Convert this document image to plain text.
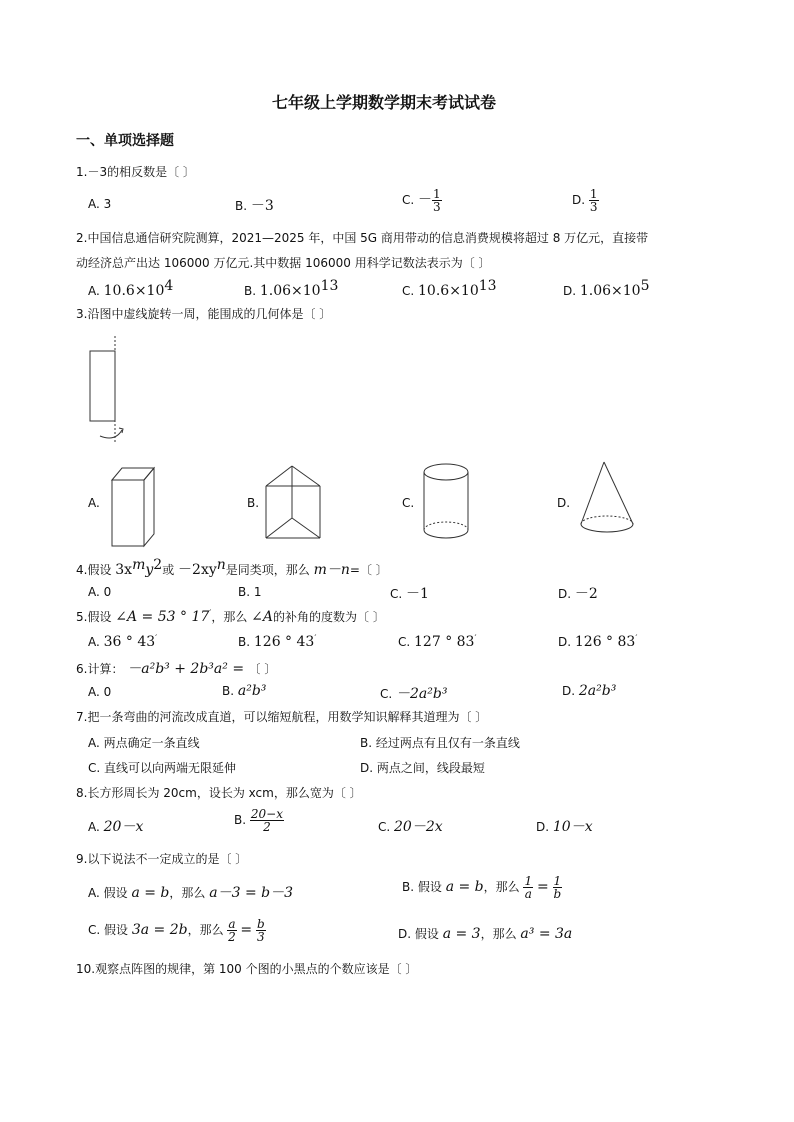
七年级上学期数学期末考试试卷
一、单项选择题
1.－3的相反数是〔 〕
A. 3	B. －3	C. － $\frac{1}{3}$	D. $\frac{1}{3}$
2.中国信息通信研究院测算，2021—2025 年，中国 5G 商用带动的信息消费规模将超过 8 万亿元，直接带
动经济总产出达 106000 万亿元.其中数据 106000 用科学记数法表示为〔 〕
A. $10.6\times 10^4$	B. $1.06\times 10^{13}$	C. $10.6\times 10^{13}$	D. $1.06\times 10^5$
3.沿图中虚线旋转一周，能围成的几何体是〔 〕
A.	B.	C.	D.
4.假设 $3x^my^2$或 $-2xy^n$是同类项，那么 m－n=〔 〕
A. 0	B. 1	C. －1	D. －2
5.假设 ∠A = 53 ° 17′，那么 ∠A的补角的度数为〔 〕
A. 36 ° 43′	B. 126 ° 43′	C. 127 ° 83′	D. 126 ° 83′
6.计算： －a²b³ + 2b³a² = 〔 〕
A. 0	B. a²b³	C. －2a²b³	D. 2a²b³
7.把一条弯曲的河流改成直道，可以缩短航程，用数学知识解释其道理为〔 〕
A. 两点确定一条直线	B. 经过两点有且仅有一条直线
C. 直线可以向两端无限延伸	D. 两点之间，线段最短
8.长方形周长为 20cm，设长为 xcm，那么宽为〔 〕
A. 20－x	B. $\frac{20-x}{2}$	C. 20－2x	D. 10－x
9.以下说法不一定成立的是〔 〕
A. 假设 a = b，那么 a－3 = b－3	B. 假设 a = b，那么 $\frac{1}{a} = \frac{1}{b}$
C. 假设 3a = 2b，那么 $\frac{a}{2} = \frac{b}{3}$	D. 假设 a = 3，那么 a³ = 3a
10.观察点阵图的规律，第 100 个图的小黑点的个数应该是〔 〕
